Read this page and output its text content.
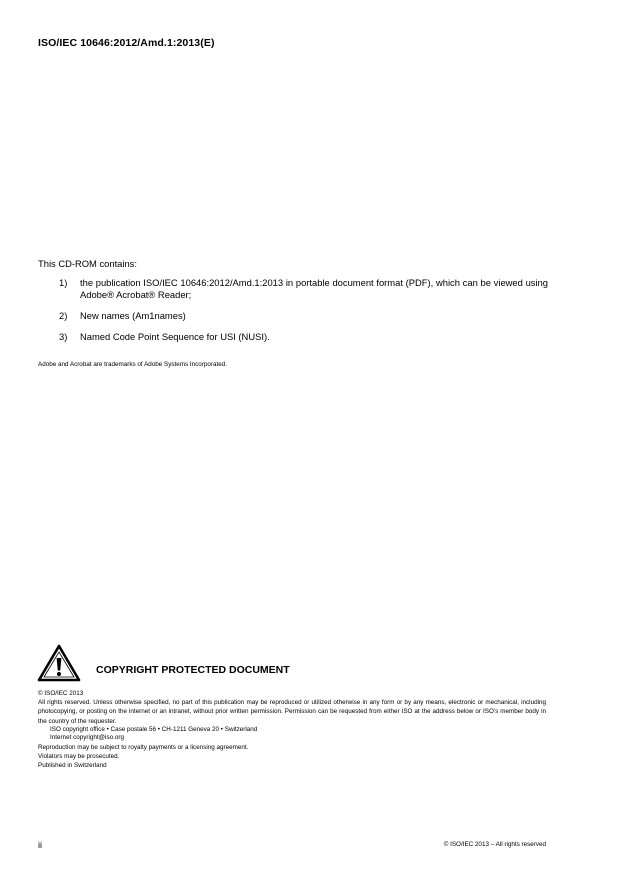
ISO/IEC 10646:2012/Amd.1:2013(E)
This CD-ROM contains:
1) the publication ISO/IEC 10646:2012/Amd.1:2013 in portable document format (PDF), which can be viewed using Adobe® Acrobat® Reader;
2) New names (Am1names)
3) Named Code Point Sequence for USI (NUSI).
Adobe and Acrobat are trademarks of Adobe Systems Incorporated.
COPYRIGHT PROTECTED DOCUMENT
© ISO/IEC 2013
All rights reserved. Unless otherwise specified, no part of this publication may be reproduced or utilized otherwise in any form or by any means, electronic or mechanical, including photocopying, or posting on the internet or an intranet, without prior written permission. Permission can be requested from either ISO at the address below or ISO’s member body in the country of the requester.
ISO copyright office • Case postale 56 • CH-1211 Geneva 20 • Switzerland
Internet copyright@iso.org
Reproduction may be subject to royalty payments or a licensing agreement.
Violators may be prosecuted.
Published in Switzerland
ii	© ISO/IEC 2013 – All rights reserved
